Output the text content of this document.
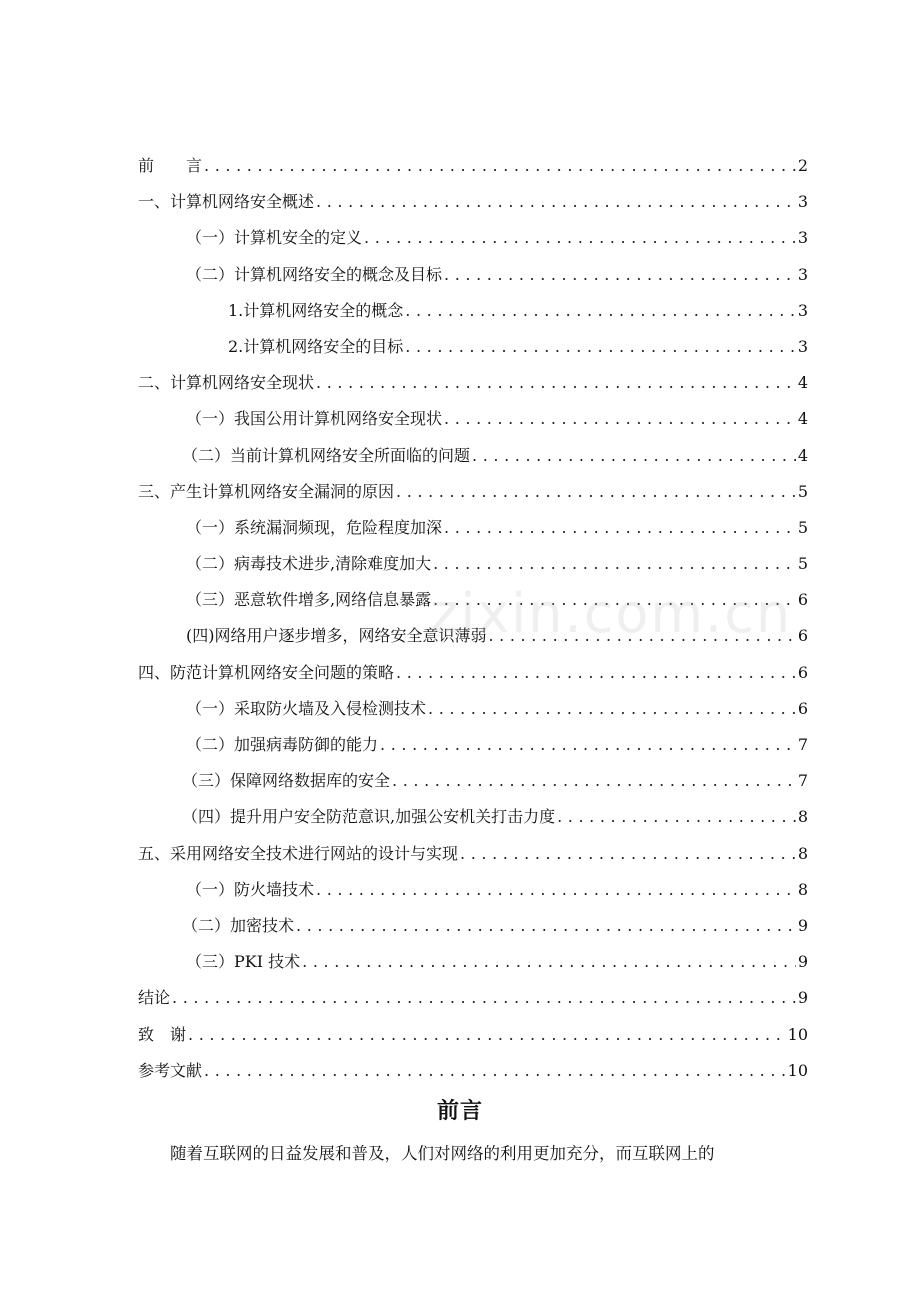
前　　言 .....	2
一、计算机网络安全概述 .....	3
（一）计算机安全的定义 .....	3
（二）计算机网络安全的概念及目标 .....	3
1.计算机网络安全的概念 .....	3
2.计算机网络安全的目标 .....	3
二、计算机网络安全现状 .....	4
（一）我国公用计算机网络安全现状 .....	4
（二）当前计算机网络安全所面临的问题 .....	4
三、产生计算机网络安全漏洞的原因 .....	5
（一）系统漏洞频现，危险程度加深 .....	5
（二）病毒技术进步,清除难度加大 .....	5
（三）恶意软件增多,网络信息暴露 .....	6
(四)网络用户逐步增多，网络安全意识薄弱 .....	6
四、防范计算机网络安全问题的策略 .....	6
（一）采取防火墙及入侵检测技术 .....	6
（二）加强病毒防御的能力 .....	7
（三）保障网络数据库的安全 .....	7
（四）提升用户安全防范意识,加强公安机关打击力度 .....	8
五、采用网络安全技术进行网站的设计与实现 .....	8
（一）防火墙技术 .....	8
（二）加密技术 .....	9
（三）PKI 技术 .....	9
结论 .....	9
致　谢 .....	10
参考文献 .....	10
zixin.com.cn
前言
随着互联网的日益发展和普及，人们对网络的利用更加充分，而互联网上的
